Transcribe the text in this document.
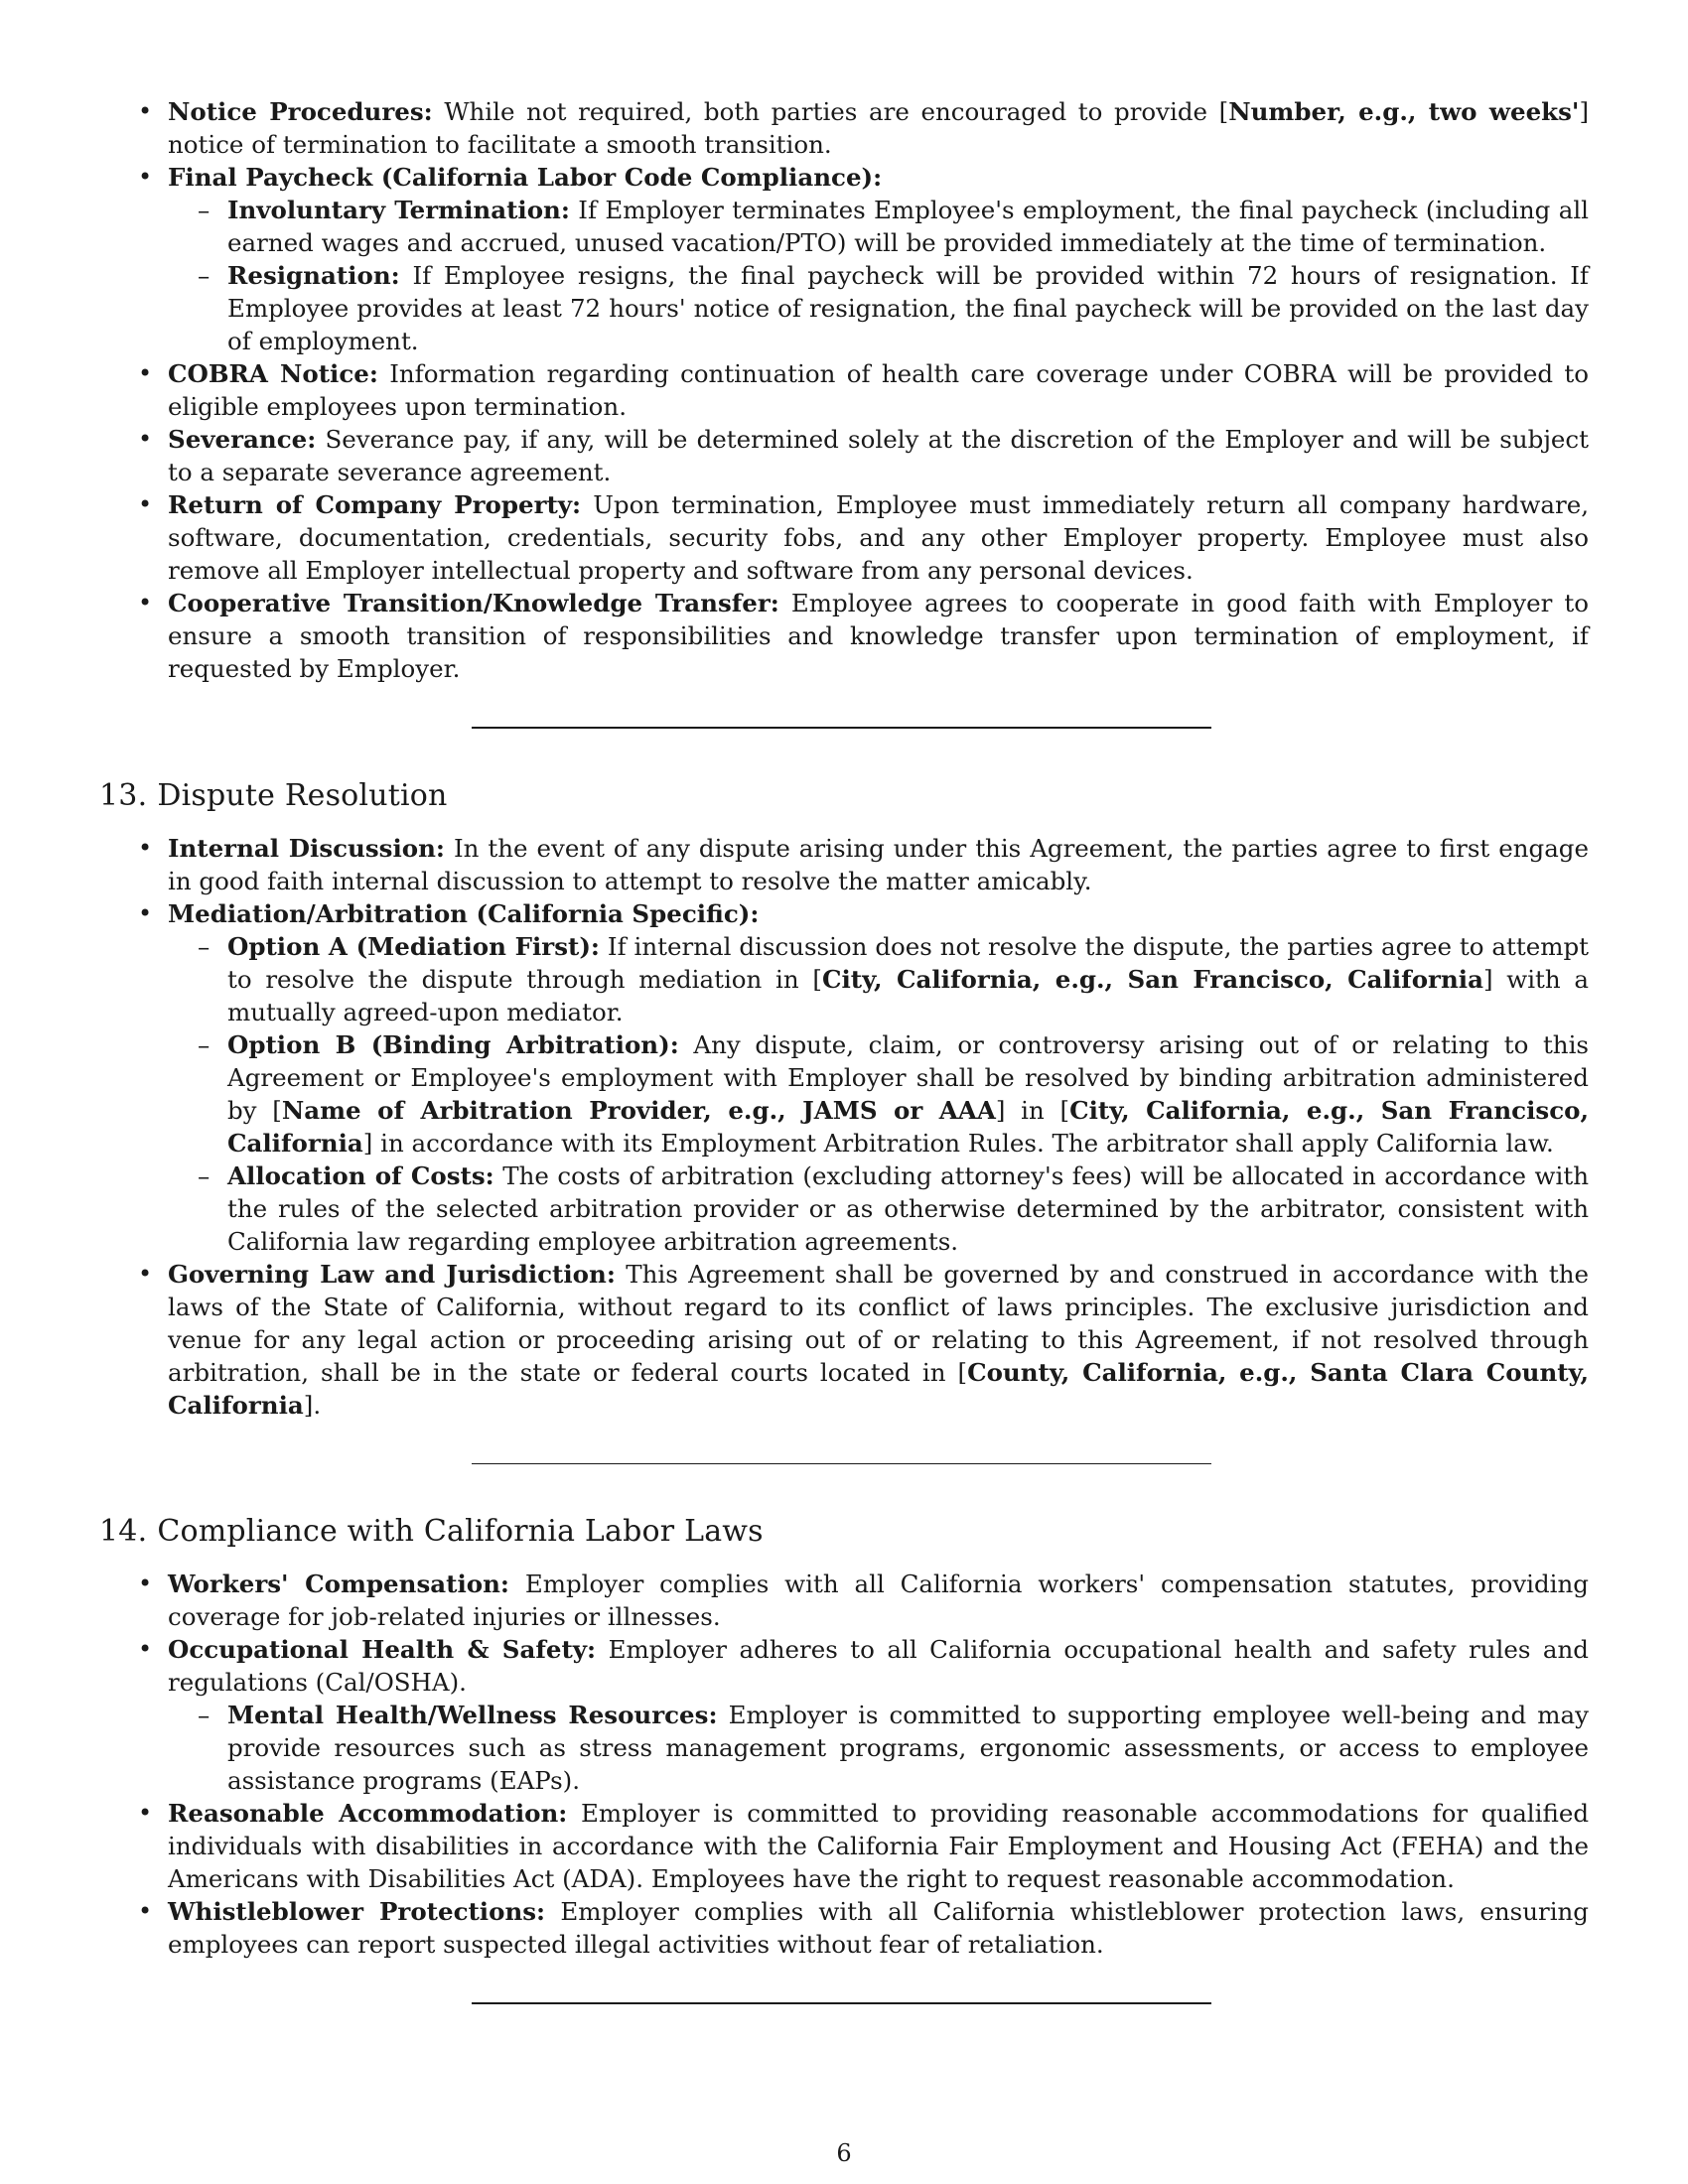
• Notice Procedures: While not required, both parties are encouraged to provide [Number, e.g., two weeks'] notice of termination to facilitate a smooth transition.
• Final Paycheck (California Labor Code Compliance):
– Involuntary Termination: If Employer terminates Employee's employment, the final paycheck (including all earned wages and accrued, unused vacation/PTO) will be provided immediately at the time of termination.
– Resignation: If Employee resigns, the final paycheck will be provided within 72 hours of resignation. If Employee provides at least 72 hours' notice of resignation, the final paycheck will be provided on the last day of employment.
• COBRA Notice: Information regarding continuation of health care coverage under COBRA will be provided to eligible employees upon termination.
• Severance: Severance pay, if any, will be determined solely at the discretion of the Employer and will be subject to a separate severance agreement.
• Return of Company Property: Upon termination, Employee must immediately return all company hardware, software, documentation, credentials, security fobs, and any other Employer property. Employee must also remove all Employer intellectual property and software from any personal devices.
• Cooperative Transition/Knowledge Transfer: Employee agrees to cooperate in good faith with Employer to ensure a smooth transition of responsibilities and knowledge transfer upon termination of employment, if requested by Employer.
13. Dispute Resolution
• Internal Discussion: In the event of any dispute arising under this Agreement, the parties agree to first engage in good faith internal discussion to attempt to resolve the matter amicably.
• Mediation/Arbitration (California Specific):
– Option A (Mediation First): If internal discussion does not resolve the dispute, the parties agree to attempt to resolve the dispute through mediation in [City, California, e.g., San Francisco, California] with a mutually agreed-upon mediator.
– Option B (Binding Arbitration): Any dispute, claim, or controversy arising out of or relating to this Agreement or Employee's employment with Employer shall be resolved by binding arbitration administered by [Name of Arbitration Provider, e.g., JAMS or AAA] in [City, California, e.g., San Francisco, California] in accordance with its Employment Arbitration Rules. The arbitrator shall apply California law.
– Allocation of Costs: The costs of arbitration (excluding attorney's fees) will be allocated in accordance with the rules of the selected arbitration provider or as otherwise determined by the arbitrator, consistent with California law regarding employee arbitration agreements.
• Governing Law and Jurisdiction: This Agreement shall be governed by and construed in accordance with the laws of the State of California, without regard to its conflict of laws principles. The exclusive jurisdiction and venue for any legal action or proceeding arising out of or relating to this Agreement, if not resolved through arbitration, shall be in the state or federal courts located in [County, California, e.g., Santa Clara County, California].
14. Compliance with California Labor Laws
• Workers' Compensation: Employer complies with all California workers' compensation statutes, providing coverage for job-related injuries or illnesses.
• Occupational Health & Safety: Employer adheres to all California occupational health and safety rules and regulations (Cal/OSHA).
– Mental Health/Wellness Resources: Employer is committed to supporting employee well-being and may provide resources such as stress management programs, ergonomic assessments, or access to employee assistance programs (EAPs).
• Reasonable Accommodation: Employer is committed to providing reasonable accommodations for qualified individuals with disabilities in accordance with the California Fair Employment and Housing Act (FEHA) and the Americans with Disabilities Act (ADA). Employees have the right to request reasonable accommodation.
• Whistleblower Protections: Employer complies with all California whistleblower protection laws, ensuring employees can report suspected illegal activities without fear of retaliation.
6
